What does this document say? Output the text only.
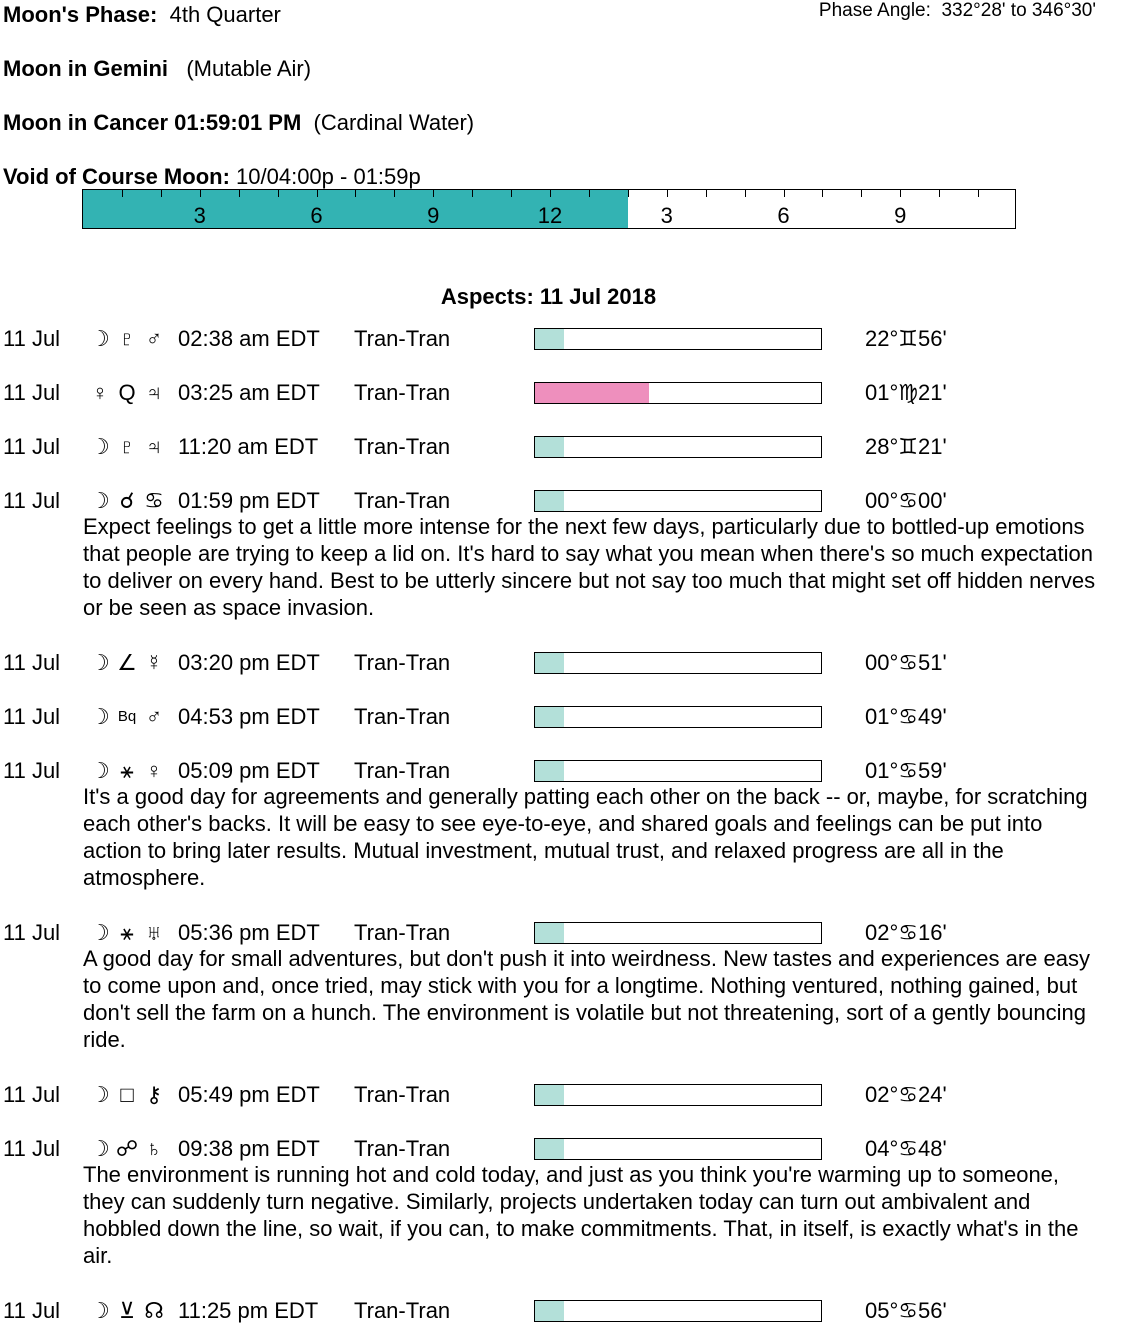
Moon's Phase: 4th Quarter	Phase Angle: 332°28' to 346°30'
Moon in Gemini (Mutable Air)
Moon in Cancer 01:59:01 PM (Cardinal Water)
Void of Course Moon: 10/04:00p - 01:59p
3	6	9	12	3	6	9
Aspects: 11 Jul 2018
11 Jul ☽ ♇ ♂ 02:38 am EDT Tran-Tran	22°♊56'
11 Jul ♀ Q ♃ 03:25 am EDT Tran-Tran	01°♍21'
11 Jul ☽ ♇ ♃ 11:20 am EDT Tran-Tran	28°♊21'
11 Jul ☽ ☌ ♋ 01:59 pm EDT Tran-Tran	00°♋00'
Expect feelings to get a little more intense for the next few days, particularly due to bottled-up emotions that people are trying to keep a lid on. It's hard to say what you mean when there's so much expectation to deliver on every hand. Best to be utterly sincere but not say too much that might set off hidden nerves or be seen as space invasion.
11 Jul ☽ ∠ ☿ 03:20 pm EDT Tran-Tran	00°♋51'
11 Jul ☽ Bq ♂ 04:53 pm EDT Tran-Tran	01°♋49'
11 Jul ☽ ⚹ ♀ 05:09 pm EDT Tran-Tran	01°♋59'
It's a good day for agreements and generally patting each other on the back -- or, maybe, for scratching each other's backs. It will be easy to see eye-to-eye, and shared goals and feelings can be put into action to bring later results. Mutual investment, mutual trust, and relaxed progress are all in the atmosphere.
11 Jul ☽ ⚹ ♅ 05:36 pm EDT Tran-Tran	02°♋16'
A good day for small adventures, but don't push it into weirdness. New tastes and experiences are easy to come upon and, once tried, may stick with you for a longtime. Nothing ventured, nothing gained, but don't sell the farm on a hunch. The environment is volatile but not threatening, sort of a gently bouncing ride.
11 Jul ☽ □ ⚷ 05:49 pm EDT Tran-Tran	02°♋24'
11 Jul ☽ ☍ ♄ 09:38 pm EDT Tran-Tran	04°♋48'
The environment is running hot and cold today, and just as you think you're warming up to someone, they can suddenly turn negative. Similarly, projects undertaken today can turn out ambivalent and hobbled down the line, so wait, if you can, to make commitments. That, in itself, is exactly what's in the air.
11 Jul ☽ ⊻ ☊ 11:25 pm EDT Tran-Tran	05°♋56'
